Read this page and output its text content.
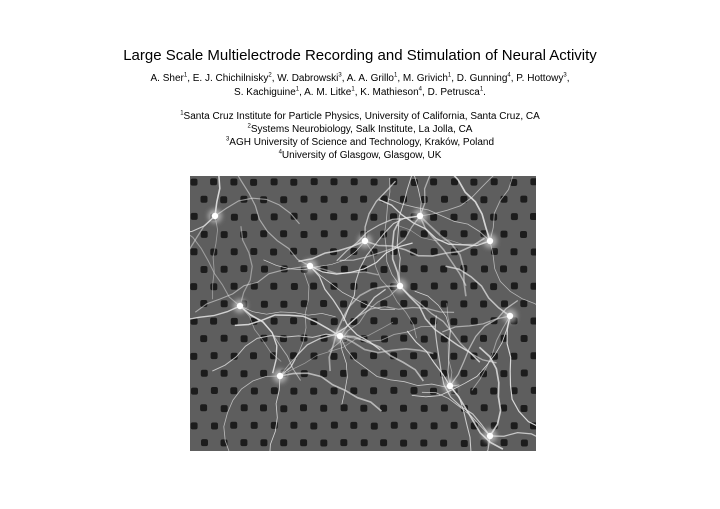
Large Scale Multielectrode Recording and Stimulation of Neural Activity
A. Sher$^1$, E. J. Chichilnisky$^2$, W. Dabrowski$^3$, A. A. Grillo$^1$, M. Grivich$^1$, D. Gunning$^4$, P. Hottowy$^3$,
S. Kachiguine$^1$, A. M. Litke$^1$, K. Mathieson$^4$, D. Petrusca$^1$.
$^1$Santa Cruz Institute for Particle Physics, University of California, Santa Cruz, CA
$^2$Systems Neurobiology, Salk Institute, La Jolla, CA
$^3$AGH University of Science and Technology, Kraków, Poland
$^4$University of Glasgow, Glasgow, UK
